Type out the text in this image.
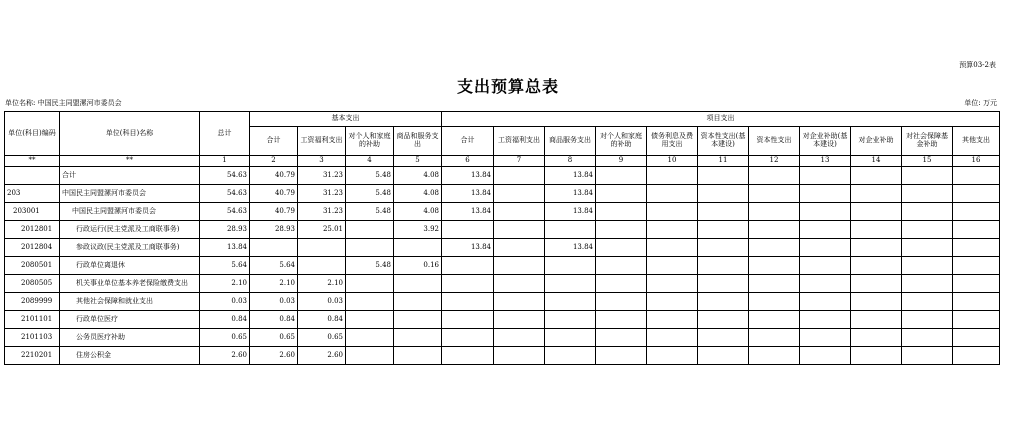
预算03-2表
支出预算总表
单位名称: 中国民主同盟漯河市委员会	单位: 万元
单位(科目)编码	单位(科目)名称	总计	基本支出				项目支出										
			合计	工资福利支出	对个人和家庭的补助	商品和服务支出	合计	工资福利支出	商品服务支出	对个人和家庭的补助	债务利息及费用支出	资本性支出(基本建设)	资本性支出	对企业补助(基本建设)	对企业补助	对社会保障基金补助	其他支出
**	**	1	2	3	4	5	6	7	8	9	10	11	12	13	14	15	16
	合计	54.63	40.79	31.23	5.48	4.08	13.84		13.84								
203	中国民主同盟漯河市委员会	54.63	40.79	31.23	5.48	4.08	13.84		13.84								
203001	中国民主同盟漯河市委员会	54.63	40.79	31.23	5.48	4.08	13.84		13.84								
2012801	行政运行(民主党派及工商联事务)	28.93	28.93	25.01		3.92											
2012804	参政议政(民主党派及工商联事务)	13.84					13.84		13.84								
2080501	行政单位离退休	5.64	5.64		5.48	0.16											
2080505	机关事业单位基本养老保险缴费支出	2.10	2.10	2.10													
2089999	其他社会保障和就业支出	0.03	0.03	0.03													
2101101	行政单位医疗	0.84	0.84	0.84													
2101103	公务员医疗补助	0.65	0.65	0.65													
2210201	住房公积金	2.60	2.60	2.60													
